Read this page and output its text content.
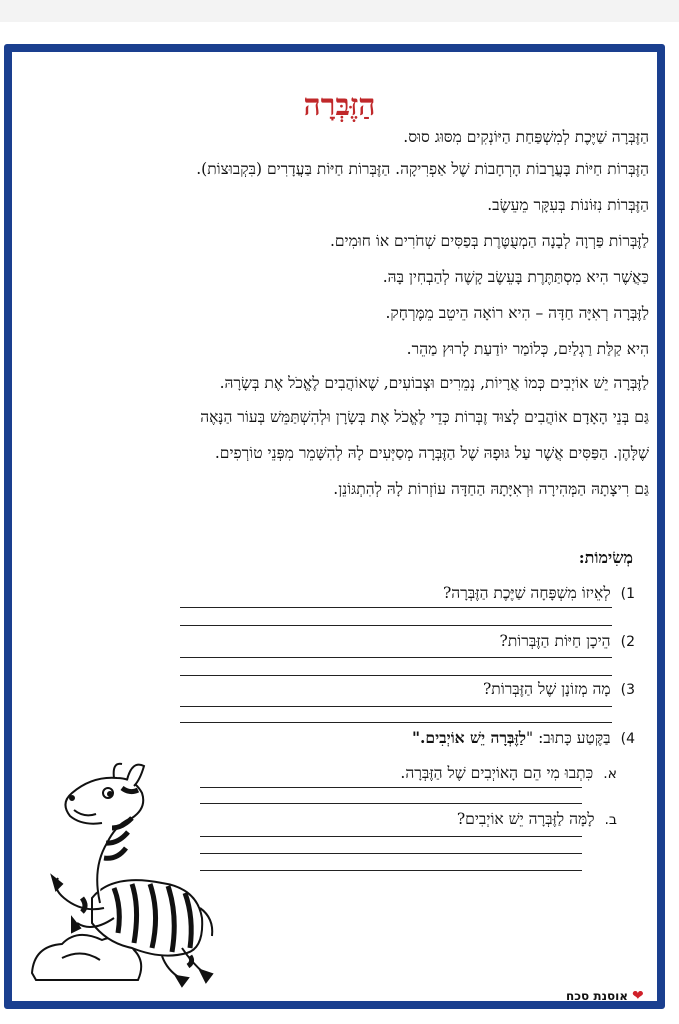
הַזֶּבְּרָה
הַזֶּבְּרָה שַׁיֶּכֶת לְמִשְׁפַּחַת הַיּוֹנְקִים מִסּוּג סוּס.
הַזֶּבְּרוֹת חַיּוֹת בָּעֲרָבוֹת הָרְחָבוֹת שֶׁל אַפְרִיקָה. הַזֶּבְּרוֹת חַיּוֹת בַּעֲדָרִים (בִּקְבוּצוֹת).
הַזֶּבְּרוֹת נִזּוֹנוֹת בְּעִקָּר מֵעֵשֶׂב.
לַזֶּבְּרוֹת פַּרְוָה לְבָנָה הַמְעֻטֶּרֶת בְּפַסִּים שְׁחֹרִים אוֹ חוּמִים.
כַּאֲשֶׁר הִיא מִסְתַּתֶּרֶת בָּעֵשֶׂב קָשֶׁה לְהַבְחִין בָּהּ.
לַזֶּבְּרָה רְאִיָּה חַדָּה – הִיא רוֹאָה הֵיטֵב מֵמֶּרְחָק.
הִיא קַלַּת רַגְלַיִם, כְּלוֹמַר יוֹדַעַת לָרוּץ מַהֵר.
לַזֶּבְּרָה יֵשׁ אוֹיְבִים כְּמוֹ אֲרָיוֹת, נְמֵרִים וּצְבוֹעִים, שֶׁאוֹהֲבִים לֶאֱכֹל אֶת בְּשָׂרָהּ.
גַּם בְּנֵי הָאָדָם אוֹהֲבִים לָצוּד זֶבְּרוֹת כְּדֵי לֶאֱכֹל אֶת בְּשָׂרָן וּלְהִשְׁתַּמֵּשׁ בְּעוֹר הַנָּאֶה
שֶׁלָּהֶן. הַפַּסִּים אֲשֶׁר עַל גּוּפָהּ שֶׁל הַזֶּבְּרָה מְסַיְּעִים לָהּ לְהִשָּׁמֵר מִפְּנֵי טוֹרְפִים.
גַּם רִיצָתָהּ הַמְּהִירָה וּרְאִיָּתָהּ הַחַדָּה עוֹזְרוֹת לָהּ לְהִתְגּוֹנֵן.
מְשִׂימוֹת:
1)לְאֵיזוֹ מִשְׁפָּחָה שַׁיֶּכֶת הַזֶּבְּרָה?
2)הֵיכָן חַיּוֹת הַזֶּבְּרוֹת?
3)מָה מְזוֹנָן שֶׁל הַזֶּבְּרוֹת?
4)בַּקֶּטַע כָּתוּב: "לַזֶּבְּרָה יֵשׁ אוֹיְבִים."
א.כִּתְבוּ מִי הֵם הָאוֹיְבִים שֶׁל הַזֶּבְּרָה.
ב.לָמָּה לַזֶּבְּרָה יֵשׁ אוֹיְבִים?
❤
אוסנת סכח
